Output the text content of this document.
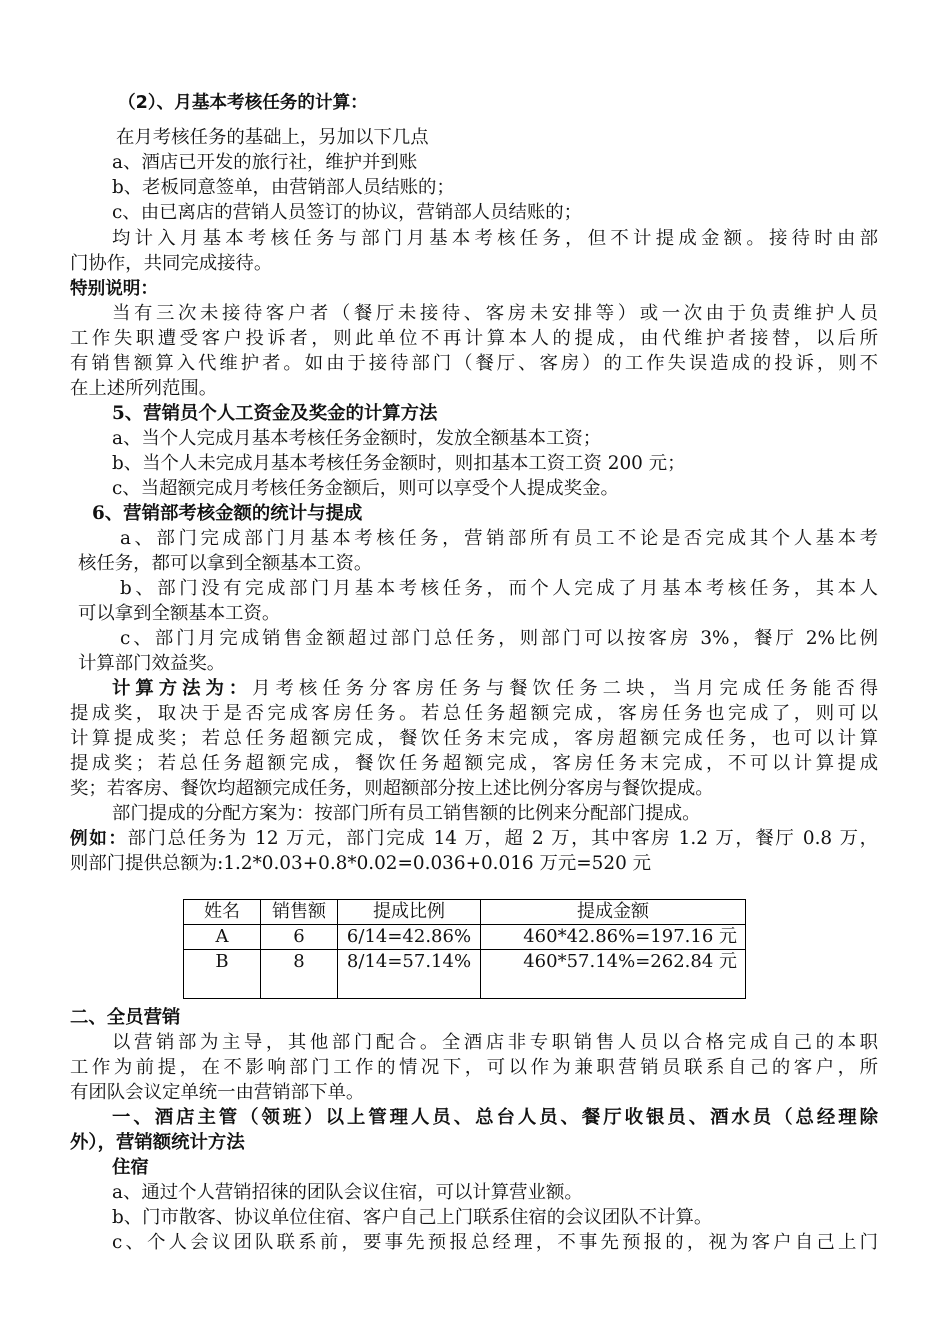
（2）、月基本考核任务的计算：
在月考核任务的基础上，另加以下几点
a、酒店已开发的旅行社，维护并到账
b、老板同意签单，由营销部人员结账的；
c、由已离店的营销人员签订的协议，营销部人员结账的；
均计入月基本考核任务与部门月基本考核任务，但不计提成金额。接待时由部
门协作，共同完成接待。
特别说明：
当有三次未接待客户者（餐厅未接待、客房未安排等）或一次由于负责维护人员
工作失职遭受客户投诉者，则此单位不再计算本人的提成，由代维护者接替，以后所
有销售额算入代维护者。如由于接待部门（餐厅、客房）的工作失误造成的投诉，则不
在上述所列范围。
5、营销员个人工资金及奖金的计算方法
a、当个人完成月基本考核任务金额时，发放全额基本工资；
b、当个人未完成月基本考核任务金额时，则扣基本工资工资 200 元；
c、当超额完成月考核任务金额后，则可以享受个人提成奖金。
6、营销部考核金额的统计与提成
a、部门完成部门月基本考核任务，营销部所有员工不论是否完成其个人基本考
核任务，都可以拿到全额基本工资。
b、部门没有完成部门月基本考核任务，而个人完成了月基本考核任务，其本人
可以拿到全额基本工资。
c、部门月完成销售金额超过部门总任务，则部门可以按客房 3%，餐厅 2%比例
计算部门效益奖。
计算方法为：月考核任务分客房任务与餐饮任务二块，当月完成任务能否得
提成奖，取决于是否完成客房任务。若总任务超额完成，客房任务也完成了，则可以
计算提成奖；若总任务超额完成，餐饮任务末完成，客房超额完成任务，也可以计算
提成奖；若总任务超额完成，餐饮任务超额完成，客房任务末完成，不可以计算提成
奖；若客房、餐饮均超额完成任务，则超额部分按上述比例分客房与餐饮提成。
部门提成的分配方案为：按部门所有员工销售额的比例来分配部门提成。
例如：部门总任务为 12 万元，部门完成 14 万，超 2 万，其中客房 1.2 万，餐厅 0.8 万，
则部门提供总额为:1.2*0.03+0.8*0.02=0.036+0.016 万元=520 元
姓名	销售额	提成比例	提成金额
A	6	6/14=42.86%	460*42.86%=197.16 元
B	8	8/14=57.14%	460*57.14%=262.84 元
二、全员营销
以营销部为主导，其他部门配合。全酒店非专职销售人员以合格完成自己的本职
工作为前提，在不影响部门工作的情况下，可以作为兼职营销员联系自己的客户，所
有团队会议定单统一由营销部下单。
一、酒店主管（领班）以上管理人员、总台人员、餐厅收银员、酒水员（总经理除
外），营销额统计方法
住宿
a、通过个人营销招徕的团队会议住宿，可以计算营业额。
b、门市散客、协议单位住宿、客户自己上门联系住宿的会议团队不计算。
c、个人会议团队联系前，要事先预报总经理，不事先预报的，视为客户自己上门
